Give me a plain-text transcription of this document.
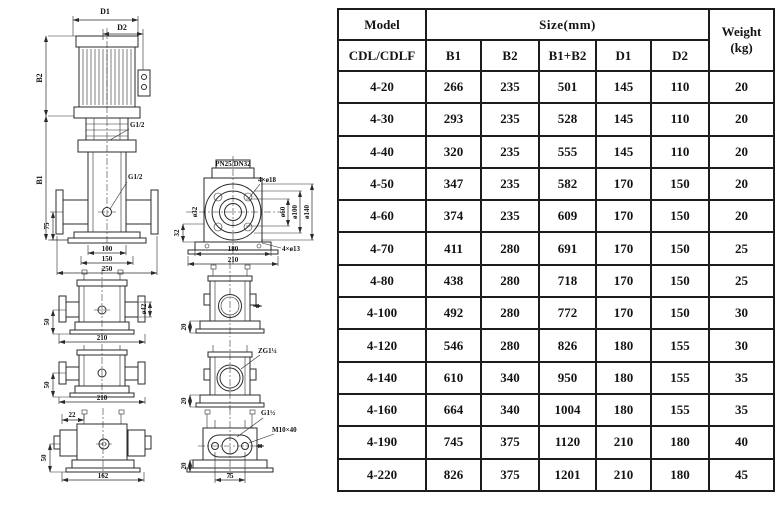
D1
D2
B2
B1
G1/2
G1/2
75
100
150
250
PN25/DN32
4×ø18
ø32	ø60 ø100 ø140
32
180
210
4×ø13
ø42
50
210
50
210
22
50
162
20
ZG1¼
20
G1½
M10×40
75
20
Model	Size(mm)					Weight
(kg)

CDL/CDLF	B1	B2	B1+B2	D1	D2	
4-20	266	235	501	145	110	20
4-30	293	235	528	145	110	20
4-40	320	235	555	145	110	20
4-50	347	235	582	170	150	20
4-60	374	235	609	170	150	20
4-70	411	280	691	170	150	25
4-80	438	280	718	170	150	25
4-100	492	280	772	170	150	30
4-120	546	280	826	180	155	30
4-140	610	340	950	180	155	35
4-160	664	340	1004	180	155	35
4-190	745	375	1120	210	180	40
4-220	826	375	1201	210	180	45
